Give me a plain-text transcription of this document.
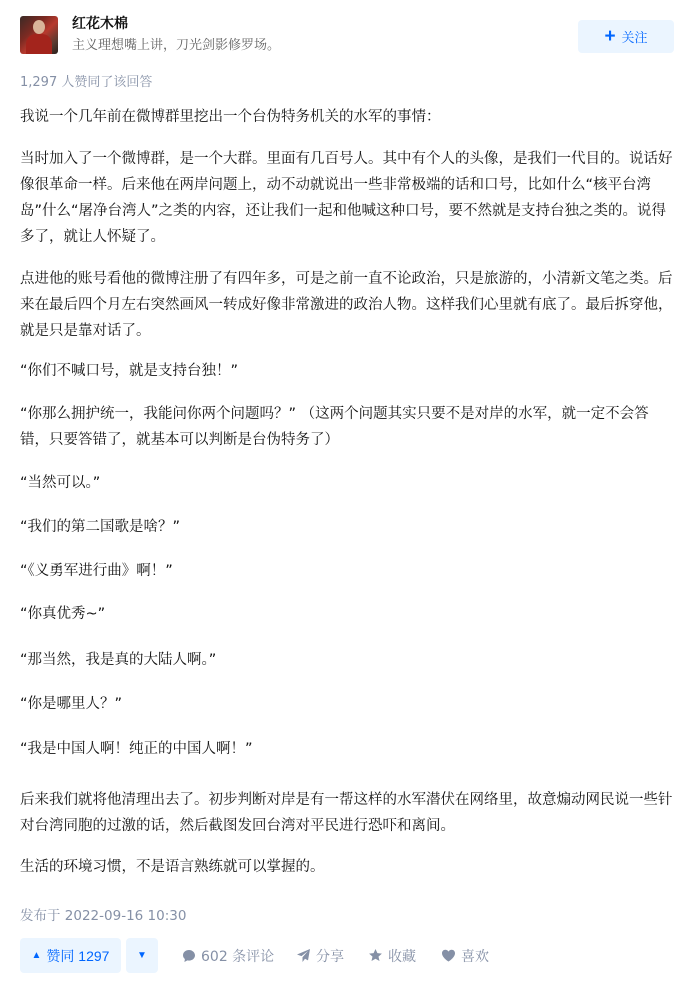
红花木棉
主义理想嘴上讲，刀光剑影修罗场。	+ 关注
1,297 人赞同了该回答

我说一个几年前在微博群里挖出一个台伪特务机关的水军的事情：

当时加入了一个微博群，是一个大群。里面有几百号人。其中有个人的头像，是我们一代目的。说话好像很革命一样。后来他在两岸问题上，动不动就说出一些非常极端的话和口号，比如什么“核平台湾岛”什么“屠净台湾人”之类的内容，还让我们一起和他喊这种口号，要不然就是支持台独之类的。说得多了，就让人怀疑了。

点进他的账号看他的微博注册了有四年多，可是之前一直不论政治，只是旅游的，小清新文笔之类。后来在最后四个月左右突然画风一转成好像非常激进的政治人物。这样我们心里就有底了。最后拆穿他，就是只是靠对话了。

“你们不喊口号，就是支持台独！”

“你那么拥护统一，我能问你两个问题吗？” （这两个问题其实只要不是对岸的水军，就一定不会答错，只要答错了，就基本可以判断是台伪特务了）

“当然可以。”

“我们的第二国歌是啥？”

“《义勇军进行曲》啊！”

“你真优秀~”

“那当然，我是真的大陆人啊。”

“你是哪里人？”

“我是中国人啊！纯正的中国人啊！”

后来我们就将他清理出去了。初步判断对岸是有一帮这样的水军潜伏在网络里，故意煽动网民说一些针对台湾同胞的过激的话，然后截图发回台湾对平民进行恐吓和离间。

生活的环境习惯，不是语言熟练就可以掌握的。

发布于 2022-09-16 10:30
▲ 赞同 1297	▼	602 条评论	分享	收藏	喜欢
